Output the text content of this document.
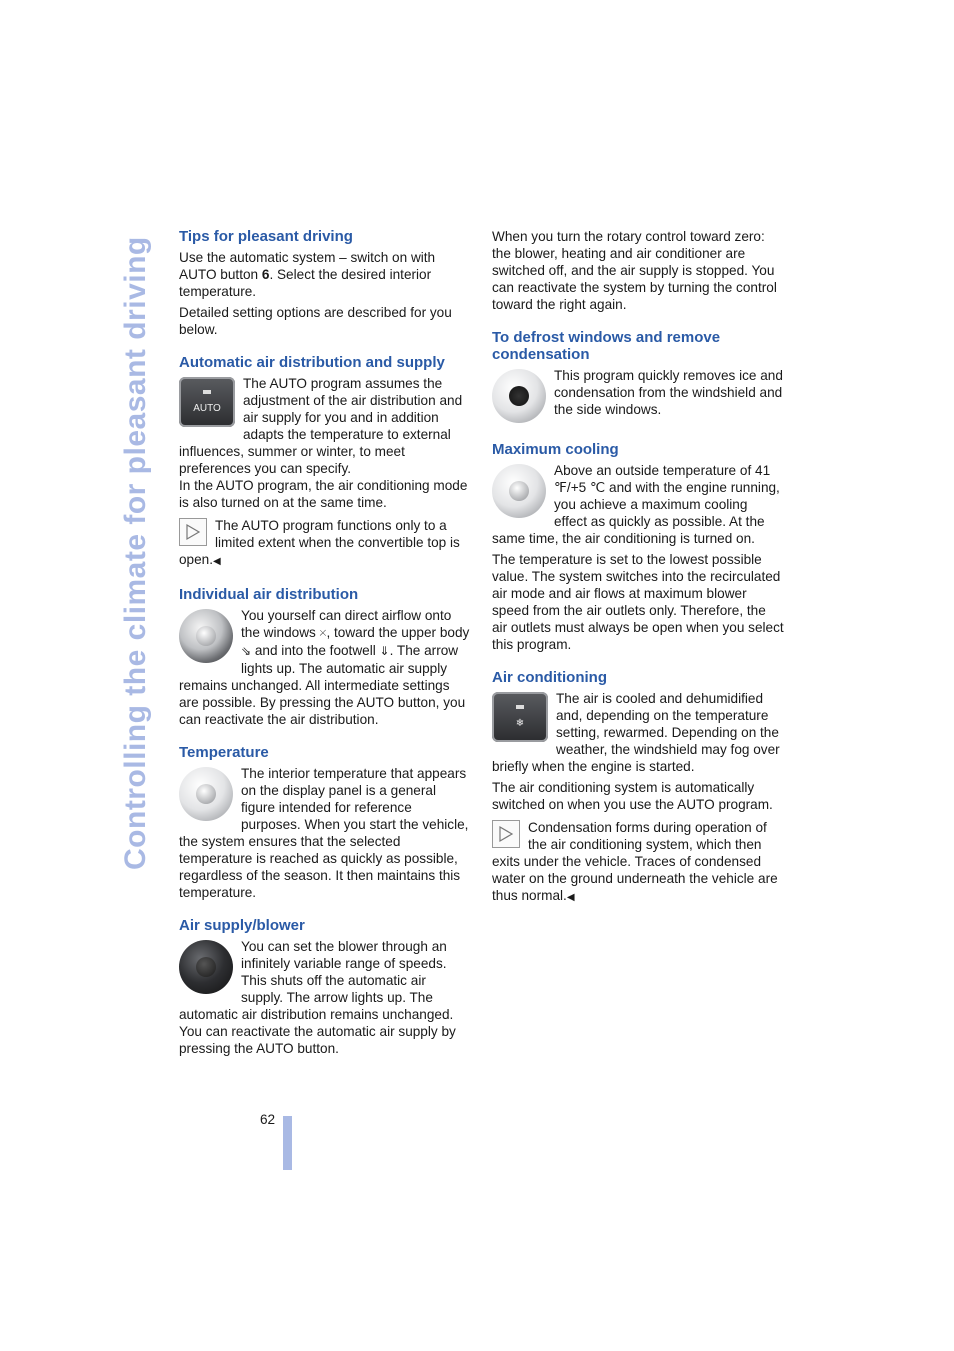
Controlling the climate for pleasant driving Tips for pleasant driving

Use the automatic system – switch on with AUTO button 6. Select the desired interior temperature.

Detailed setting options are described for you below.

Automatic air distribution and supply
AUTO

The AUTO program assumes the adjustment of the air distribution and air supply for you and in addition adapts the temperature to external influences, summer or winter, to meet preferences you can specify.

In the AUTO program, the air conditioning mode is also turned on at the same time.

The AUTO program functions only to a limited extent when the convertible top is open.◀
Individual air distribution

You yourself can direct airflow onto the windows 🞨, toward the upper body ⇘ and into the footwell ⇓. The arrow lights up. The automatic air supply remains unchanged. All intermediate settings are possible. By pressing the AUTO button, you can reactivate the air distribution.

Temperature

The interior temperature that appears on the display panel is a general figure intended for reference purposes. When you start the vehicle, the system ensures that the selected temperature is reached as quickly as possible, regardless of the season. It then maintains this temperature.

Air supply/blower

You can set the blower through an infinitely variable range of speeds. This shuts off the automatic air supply. The arrow lights up. The automatic air distribution remains unchanged. You can reactivate the automatic air supply by pressing the AUTO button.

When you turn the rotary control toward zero: the blower, heating and air conditioner are switched off, and the air supply is stopped. You can reactivate the system by turning the control toward the right again.

To defrost windows and remove condensation

This program quickly removes ice and condensation from the windshield and the side windows.

Maximum cooling

Above an outside temperature of 41 ℉/+5 ℃ and with the engine running, you achieve a maximum cooling effect as quickly as possible. At the same time, the air conditioning is turned on.

The temperature is set to the lowest possible value. The system switches into the recirculated air mode and air flows at maximum blower speed from the air outlets only. Therefore, the air outlets must always be open when you select this program.

Air conditioning
❄

The air is cooled and dehumidified and, depending on the temperature setting, rewarmed. Depending on the weather, the windshield may fog over briefly when the engine is started.

The air conditioning system is automatically switched on when you use the AUTO program.

Condensation forms during operation of the air conditioning system, which then exits under the vehicle. Traces of condensed water on the ground underneath the vehicle are thus normal.◀
62
